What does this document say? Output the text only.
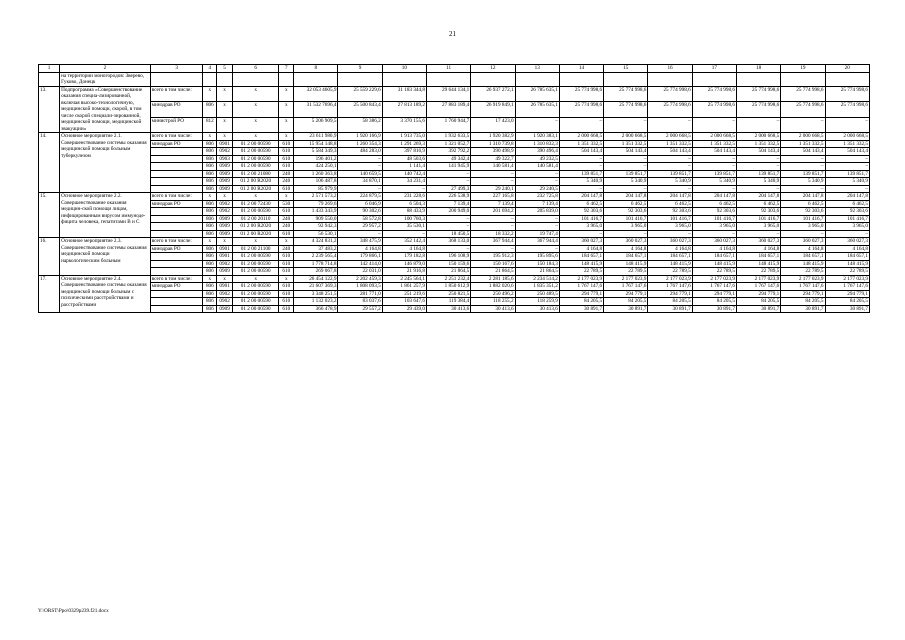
21
1	2	3	4	5	6	7	8	9	10	11	12	13	14	15	16	17	18	19	20
	на территории моногородов: Зверево, Гуково, Донецк																		
13.	Подпрограмма «Совершенствование оказания специа-лизированной, включая высоко-технологичную, медицинской помощи, скорой, в том числе скорой специали-зированной, медицинской помощи, медицинской эвакуации»	всего в том числе:	x	x	x	x	32 053 4605,9	25 559 229,6	31 183 344,8	29 644 134,1	26 937 272,1	26 785 635,1	25 774 998,6	25 774 998,6	25 774 998,6	25 774 998,6	25 774 998,6	25 774 998,6	25 774 998,6
		минздрав РО	806	x	x	x	31 532 7696,4	25 500 843,4	27 813 189,2	27 883 189,4	26 919 849,1	26 785 635,1	25 774 998,6	25 774 998,6	25 774 998,6	25 774 998,6	25 774 998,6	25 774 998,6	25 774 998,6
		министрой РО	812	x	x	x	5 206 909,5	58 386,2	3 370 155,6	1 760 944,7	17 423,0	–	–	–	–	–	–	–	–
14.	Основное мероприятие 2.1. Совершенствование системы оказания медицинской помощи больным туберкулезом	всего в том числе:	x	x	x	x	23 611 980,9	1 920 166,9	1 913 735,0	1 932 633,5	1 920 382,9	1 920 383,1	2 000 668,5	2 000 668,5	2 000 668,5	2 000 668,5	2 000 668,5	2 000 668,5	2 000 668,5
		минздрав РО	806	0901	01 2 00 00590	610	15 954 148,8	1 260 354,3	1 291 269,3	1 321 052,7	1 310 739,8	1 310 832,3	1 351 332,5	1 351 332,5	1 351 332,5	1 351 332,5	1 351 332,5	1 351 332,5	1 351 332,5
			806	0902	01 2 00 00590	610	5 584 349,3	484 283,0	397 816,9	392 792,2	390 498,9	390 496,4	504 143,4	504 143,4	504 143,4	504 143,4	504 143,4	504 143,4	504 143,4
			806	0903	01 2 00 00590	610	196 401,2	–	48 503,6	49 342,4	49 322,7	49 232,5	–	–	–	–	–	–	–
			806	0909	01 2 00 00590	610	424 250,1	–	1 141,4	141 945,9	140 581,4	140 581,4	–	–	–	–	–	–	–
			806	0909	01 2 00 21080	240	1 260 363,8	140 659,5	140 742,4	–	–	–	139 851,7	139 851,7	139 851,7	139 851,7	139 851,7	139 851,7	139 851,7
			806	0909	01 2 00 R2020	240	106 487,8	34 870,1	34 231,4	–	–	–	5 340,9	5 340,9	5 340,9	5 340,9	5 340,9	5 340,9	5 340,9
			806	0909	01 2 00 R2020	610	85 979,9	–	–	27 499,3	29 240,1	29 240,5	–	–	–	–	–	–	–
15.	Основное мероприятие 2.2. Совершенствование оказания медицин-ской помощи лицам, инфицированным вирусом иммуноде-фицита человека, гепатитами B и C	всего в том числе:	x	x	x	x	2 571 573,2	224 879,5	231 228,6	226 538,9	227 165,8	232 725,8	204 147,8	204 147,8	204 147,8	204 147,8	204 147,8	204 147,8	204 147,8
		минздрав РО	806	0902	01 2 00 72430	530	79 269,6	6 046,9	6 504,3	7 139,4	7 139,4	7 139,4	6 462,5	6 462,5	6 462,5	6 462,5	6 462,5	6 462,5	6 462,5
			806	0902	01 2 00 00590	610	1 433 343,9	90 302,6	88 433,9	200 949,0	201 694,2	205 839,0	92 303,6	92 303,6	92 303,6	92 303,6	92 303,6	92 303,6	92 303,6
			806	0909	01 2 00 20110	240	909 550,0	58 572,8	100 760,3	–	–	–	101 416,7	101 416,7	101 416,7	101 416,7	101 416,7	101 416,7	101 416,7
			806	0909	01 2 00 R2020	240	92 942,3	29 957,2	35 530,1	–	–	–	3 965,0	3 965,0	3 965,0	3 965,0	3 965,0	3 965,0	3 965,0
			806	0909	01 2 00 R2020	610	56 530,1	–	–	18 450,5	18 332,2	19 747,4	–	–	–	–	–	–	–
16.	Основное мероприятие 2.3. Совершенствование системы оказания медицинской помощи наркологическим больным	всего в том числе:	x	x	x	x	4 324 831,2	348 475,9	352 142,4	368 133,0	367 944,4	367 944,4	360 027,3	360 027,3	360 027,3	360 027,3	360 027,3	360 027,3	360 027,3
		минздрав РО	806	0901	01 2 00 21100	240	37 483,2	4 164,8	4 164,8	–	–	–	4 164,8	4 164,8	4 164,8	4 164,8	4 164,8	4 164,8	4 164,8
			806	0901	01 2 00 00590	610	2 239 565,4	179 866,1	179 182,8	196 108,9	195 912,3	195 895,6	184 657,1	184 657,1	184 657,1	184 657,1	184 657,1	184 657,1	184 657,1
			806	0902	01 2 00 00590	610	1 778 714,8	142 414,0	146 879,0	150 159,6	150 167,6	150 184,3	148 415,9	148 415,9	148 415,9	148 415,9	148 415,9	148 415,9	148 415,9
			806	0909	01 2 00 00590	610	269 067,8	22 031,0	21 916,8	21 864,5	21 864,5	21 864,5	22 789,5	22 789,5	22 789,5	22 789,5	22 789,5	22 789,5	22 789,5
17.	Основное мероприятие 2.4. Совершенствование системы оказания медицинской помощи больным с психическими расстройствами и расстройствами	всего в том числе:	x	x	x	x	26 454 122,9	2 202 459,3	2 245 564,1	2 251 232,4	2 281 185,6	2 234 514,2	2 177 023,9	2 177 023,9	2 177 023,9	2 177 023,9	2 177 023,9	2 177 023,9	2 177 023,9
		минздрав РО	806	0901	01 2 00 00590	610	21 607 369,3	1 808 093,5	1 861 257,9	1 850 612,9	1 882 020,6	1 835 351,2	1 767 147,6	1 767 147,6	1 767 147,6	1 767 147,6	1 767 147,6	1 767 147,6	1 767 147,6
			806	0902	01 2 00 00590	610	3 348 251,5	281 771,0	251 219,6	250 821,5	250 496,2	250 489,5	294 779,1	294 779,1	294 779,1	294 779,1	294 779,1	294 779,1	294 779,1
			806	0902	01 2 00 00590	610	1 132 023,2	83 037,6	103 647,6	119 384,4	118 255,2	118 259,9	84 205,5	84 205,5	84 205,5	84 205,5	84 205,5	84 205,5	84 205,5
			806	0909	01 2 00 00590	610	366 478,9	29 557,2	29 439,0	30 413,6	30 413,6	30 413,6	30 891,7	30 891,7	30 891,7	30 891,7	30 891,7	30 891,7	30 891,7
Y:\ORST\Ppo\0329p239.f21.docx
